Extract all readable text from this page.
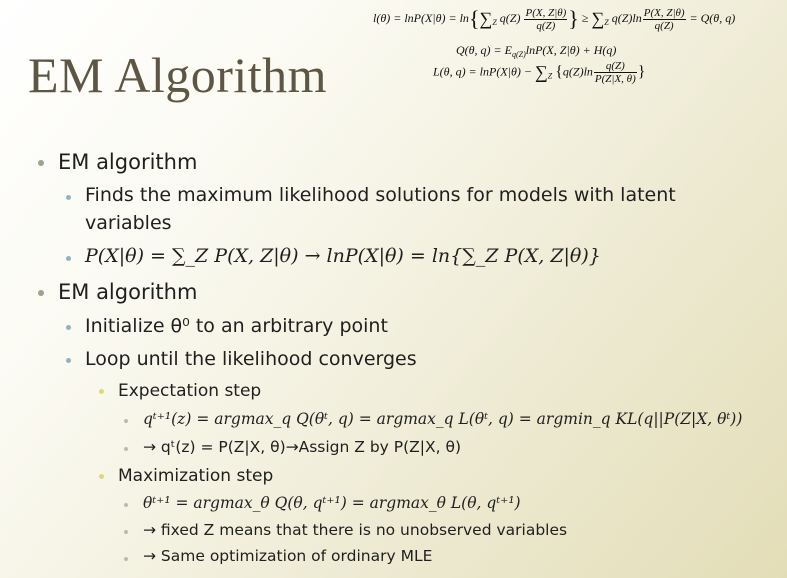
EM Algorithm
$l(\theta) = \ln P(X|\theta) = \ln\{\sum_Z$ $q(Z) \frac{P(X, Z|\theta)}{q(Z)}$ } ≥ $\sum_Z$ $q(Z)\ln \frac{P(X, Z|\theta)}{q(Z)} = Q(\theta$, q)
Q(θ, $q) = E_{q(Z)}\ln P(X$, Z|θ) + H(q)
L(θ, $q) = \ln P(X|\theta) - \sum_Z$ {$q(Z)\ln \frac{q(Z)}{P(Z|X, \theta)}$ }
EM algorithm
Finds the maximum likelihood solutions for models with latent
variables
P(X|θ) = ∑_Z P(X, Z|θ) → lnP(X|θ) = ln{∑_Z P(X, Z|θ)}
EM algorithm
Initialize θ⁰ to an arbitrary point
Loop until the likelihood converges
Expectation step
qᵗ⁺¹(z) = argmax_q Q(θᵗ, q) = argmax_q L(θᵗ, q) = argmin_q KL(q||P(Z|X, θᵗ))
→ qᵗ(z) = P(Z|X, θ)→Assign Z by P(Z|X, θ)
Maximization step
θᵗ⁺¹ = argmax_θ Q(θ, qᵗ⁺¹) = argmax_θ L(θ, qᵗ⁺¹)
→ fixed Z means that there is no unobserved variables
→ Same optimization of ordinary MLE
